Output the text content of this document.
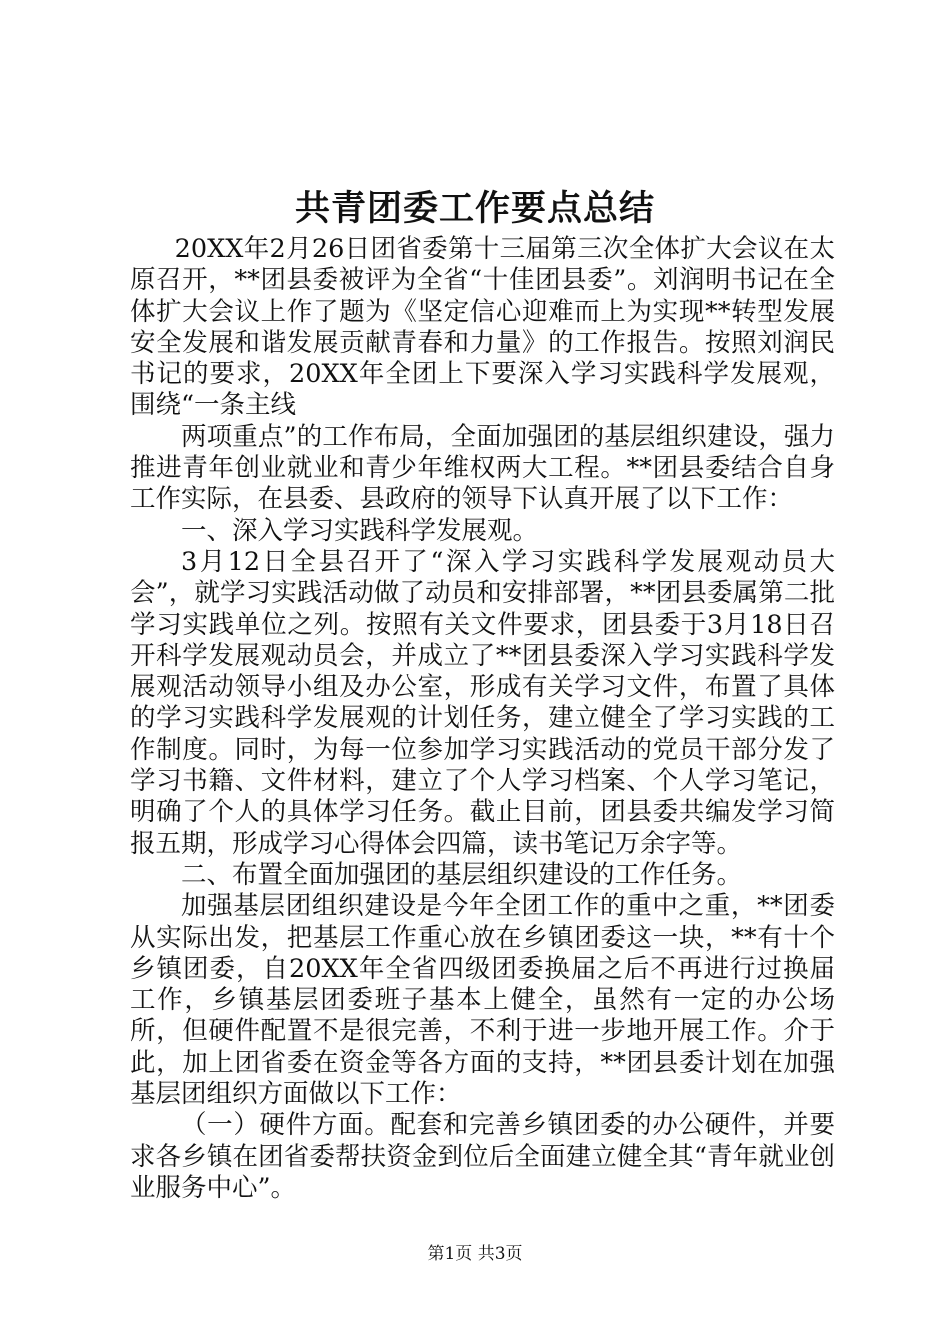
共青团委工作要点总结

20XX年2月26日团省委第十三届第三次全体扩大会议在太原召开，**团县委被评为全省“十佳团县委”。刘润明书记在全体扩大会议上作了题为《坚定信心迎难而上为实现**转型发展安全发展和谐发展贡献青春和力量》的工作报告。按照刘润民书记的要求，20XX年全团上下要深入学习实践科学发展观，围绕“一条主线

两项重点”的工作布局，全面加强团的基层组织建设，强力推进青年创业就业和青少年维权两大工程。**团县委结合自身工作实际，在县委、县政府的领导下认真开展了以下工作：

一、深入学习实践科学发展观。

3月12日全县召开了“深入学习实践科学发展观动员大会”，就学习实践活动做了动员和安排部署，**团县委属第二批学习实践单位之列。按照有关文件要求，团县委于3月18日召开科学发展观动员会，并成立了**团县委深入学习实践科学发展观活动领导小组及办公室，形成有关学习文件，布置了具体的学习实践科学发展观的计划任务，建立健全了学习实践的工作制度。同时，为每一位参加学习实践活动的党员干部分发了学习书籍、文件材料，建立了个人学习档案、个人学习笔记，明确了个人的具体学习任务。截止目前，团县委共编发学习简报五期，形成学习心得体会四篇，读书笔记万余字等。

二、布置全面加强团的基层组织建设的工作任务。

加强基层团组织建设是今年全团工作的重中之重，**团委从实际出发，把基层工作重心放在乡镇团委这一块，**有十个乡镇团委，自20XX年全省四级团委换届之后不再进行过换届工作，乡镇基层团委班子基本上健全，虽然有一定的办公场所，但硬件配置不是很完善，不利于进一步地开展工作。介于此，加上团省委在资金等各方面的支持，**团县委计划在加强基层团组织方面做以下工作：

（一）硬件方面。配套和完善乡镇团委的办公硬件，并要求各乡镇在团省委帮扶资金到位后全面建立健全其“青年就业创业服务中心”。

第1页 共3页
